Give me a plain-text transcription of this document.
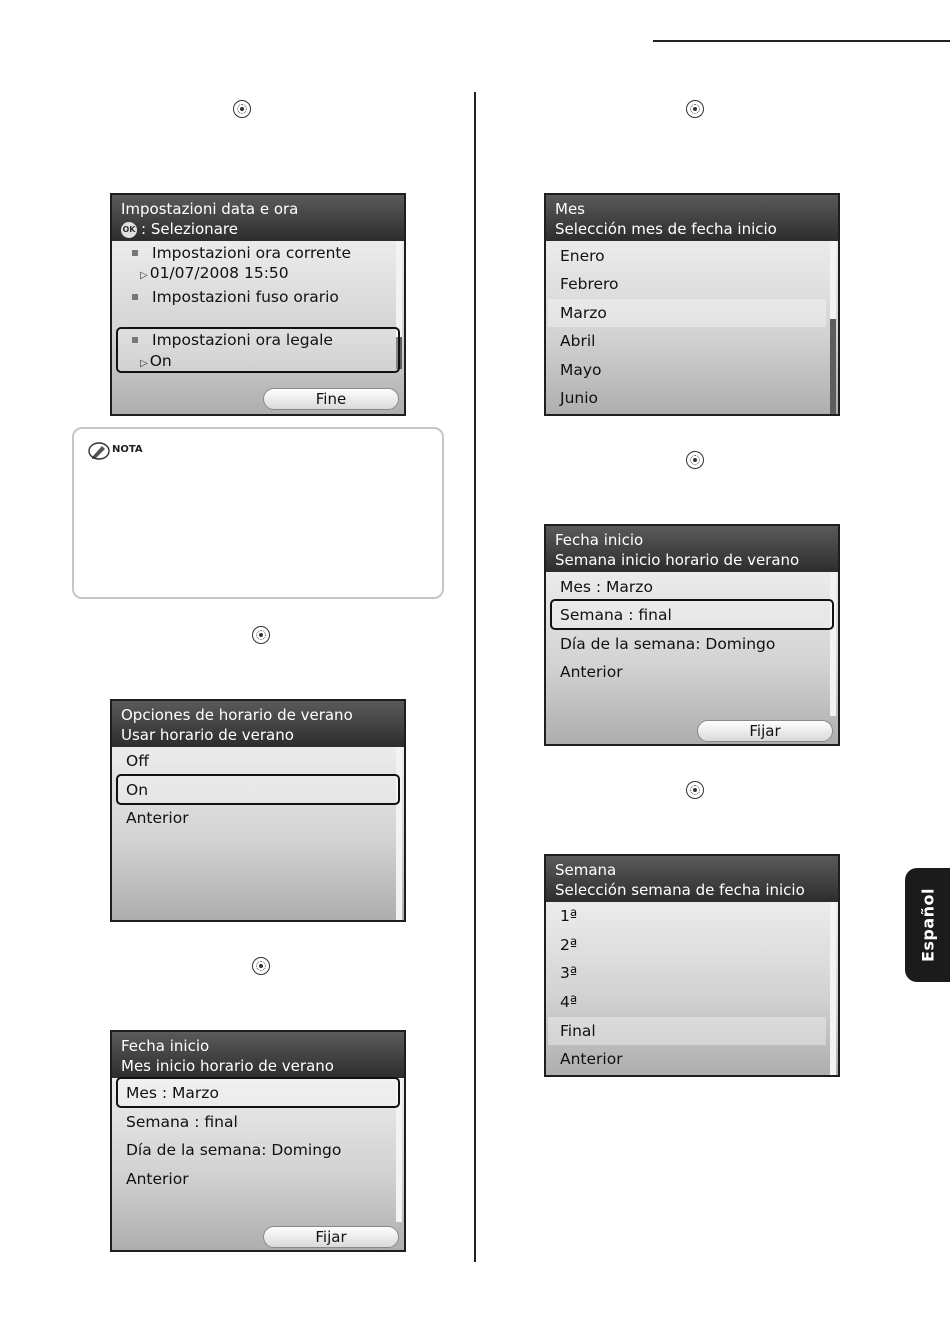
Impostazioni data e ora
OK : Selezionare
Impostazioni ora corrente
▷ 01/07/2008 15:50
Impostazioni fuso orario
Impostazioni ora legale
▷ On
Fine
NOTA
Opciones de horario de verano
Usar horario de verano
Off
On
Anterior
Fecha inicio
Mes inicio horario de verano
Mes : Marzo
Semana : final
Día de la semana: Domingo
Anterior
Fijar
Mes
Selección mes de fecha inicio
Enero
Febrero
Marzo
Abril
Mayo
Junio
Fecha inicio
Semana inicio horario de verano
Mes : Marzo
Semana : final
Día de la semana: Domingo
Anterior
Fijar
Semana
Selección semana de fecha inicio
1ª
2ª
3ª
4ª
Final
Anterior
Español
